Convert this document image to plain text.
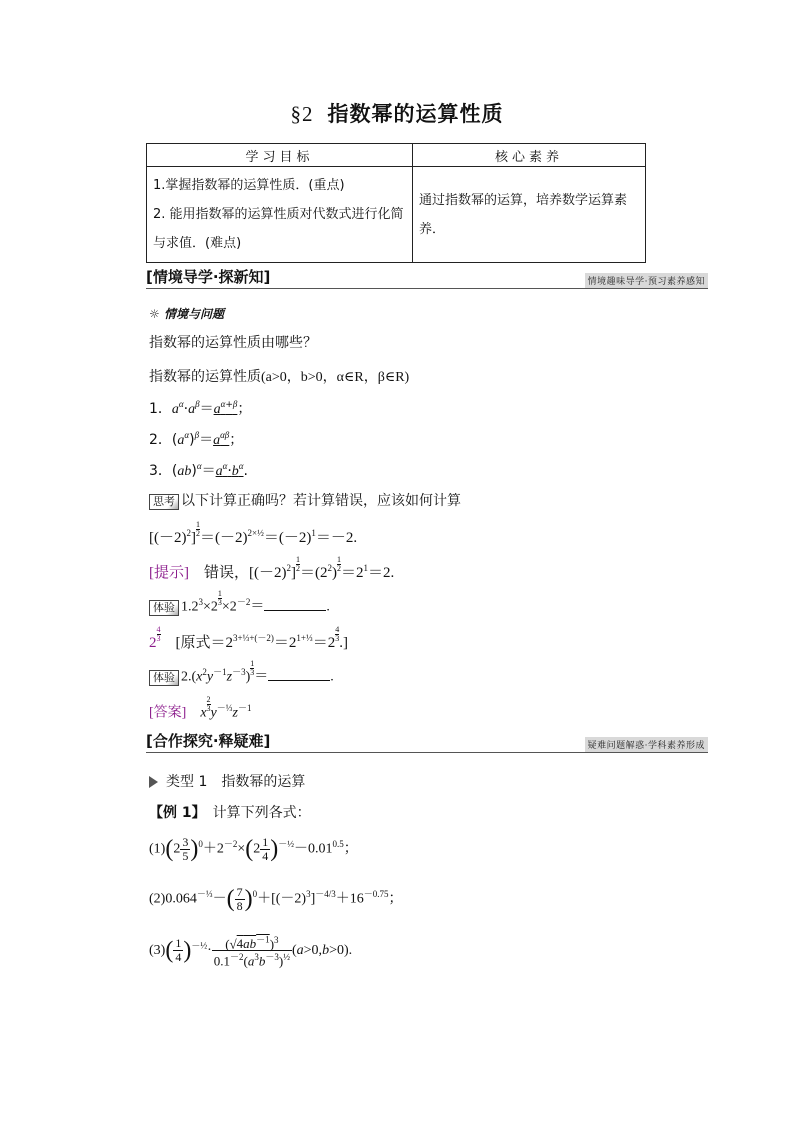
§2 指数幂的运算性质
学习目标	核心素养

1.掌握指数幂的运算性质．(重点)
2. 能用指数幂的运算性质对代数式进行化简与求值．(难点)	通过指数幂的运算，培养数学运算素养．
[情境导学·探新知]	情境趣味导学·预习素养感知
☼ 情境与问题
指数幂的运算性质由哪些？
指数幂的运算性质(a>0，b>0，α∈R，β∈R)
1．$a^\alpha\cdot a^\beta=a^{\alpha+\beta}$；
2．$(a^\alpha)^\beta=a^{\alpha\beta}$；
3．$(ab)^\alpha=a^\alpha\cdot b^\alpha$.
思考 以下计算正确吗？若计算错误，应该如何计算
$[(-2)^2] \frac{1}{2}=(-2)^{2\times\frac{1}{2}}=(-2)^1=-2$.
[提示]　错误，$[(-2)^2] \frac{1}{2}=(2^2) \frac{1}{2}=2^1=2$.
体验 $1.2^3\times 2$
$\frac{1}{3}\times 2^{-2}=$	.
$2 \frac{4}{3}$　[原式$=2^{3+\frac{1}{3}+(-2)}=2^{1+\frac{1}{3}}=2 \frac{4}{3}$.]
体验 $2.(x^2y^{-1}z^{-3})$
$\frac{1}{3}=$	.
[答案]　 x
$\frac{2}{3}y^{-\frac{1}{3}}z^{-1}$
[合作探究·释疑难]	疑难问题解惑·学科素养形成
类型 1　指数幂的运算
【例 1】　 计算下列各式：
$(1)(2 \frac{3}{5} )^0+2^{-2}\times(2 \frac{1}{4} )^{-\frac{1}{2}}-0.01^{0.5}$；
$(2)0.064^{-\frac{1}{3}}-( \frac{7}{8} )^0+[(-2)^3]^{-4/3}+16^{-0.75}$；
$(3)( \frac{1}{4} )^{-\frac{1}{2}}\cdot \frac{(√4ab^{-1})^3}{0.1^{-2}(a^3b^{-3})^{\frac{1}{2}}} (a>0,b>0)$.
